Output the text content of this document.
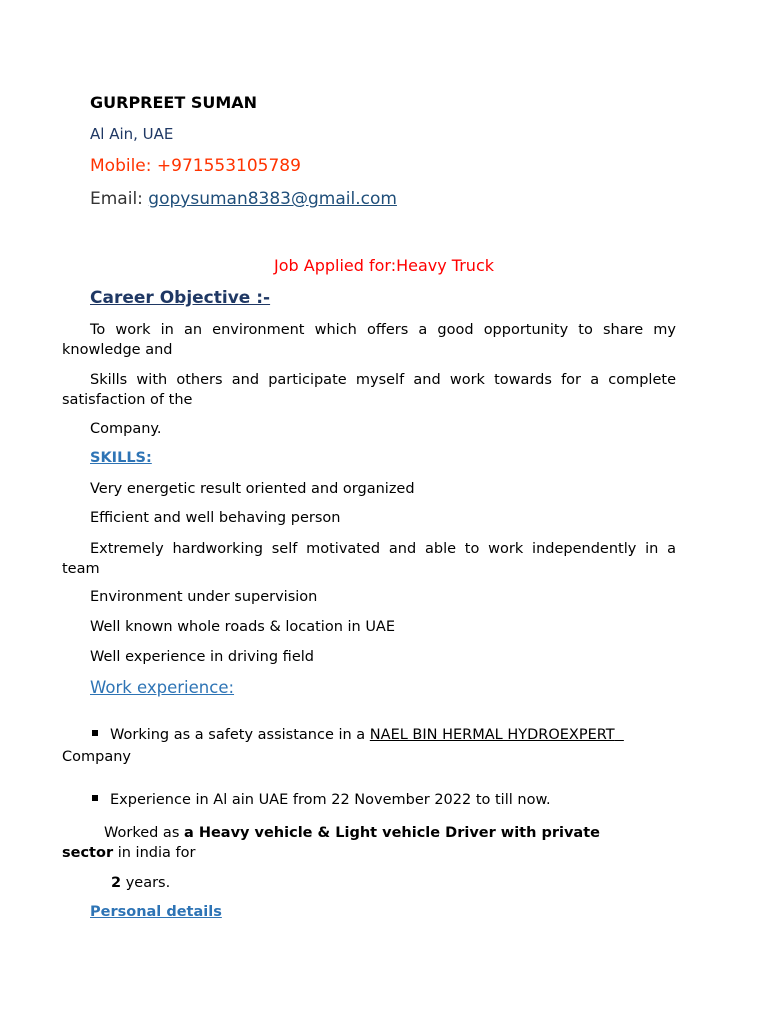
GURPREET SUMAN
Al Ain, UAE
Mobile: +971553105789
Email: gopysuman8383@gmail.com
Job Applied for:Heavy Truck
Career Objective :-
To work in an environment which offers a good opportunity to share my knowledge and
Skills with others and participate myself and work towards for a complete satisfaction of the
Company.
SKILLS:
Very energetic result oriented and organized
Efficient and well behaving person
Extremely hardworking self motivated and able to work independently in a team
Environment under supervision
Well known whole roads & location in UAE
Well experience in driving field
Work experience:
Working as a safety assistance in a NAEL BIN HERMAL HYDROEXPERT
Company
Experience in Al ain UAE from 22 November 2022 to till now.
Worked as a Heavy vehicle & Light vehicle Driver with private
sector in india for
2 years.
Personal details
